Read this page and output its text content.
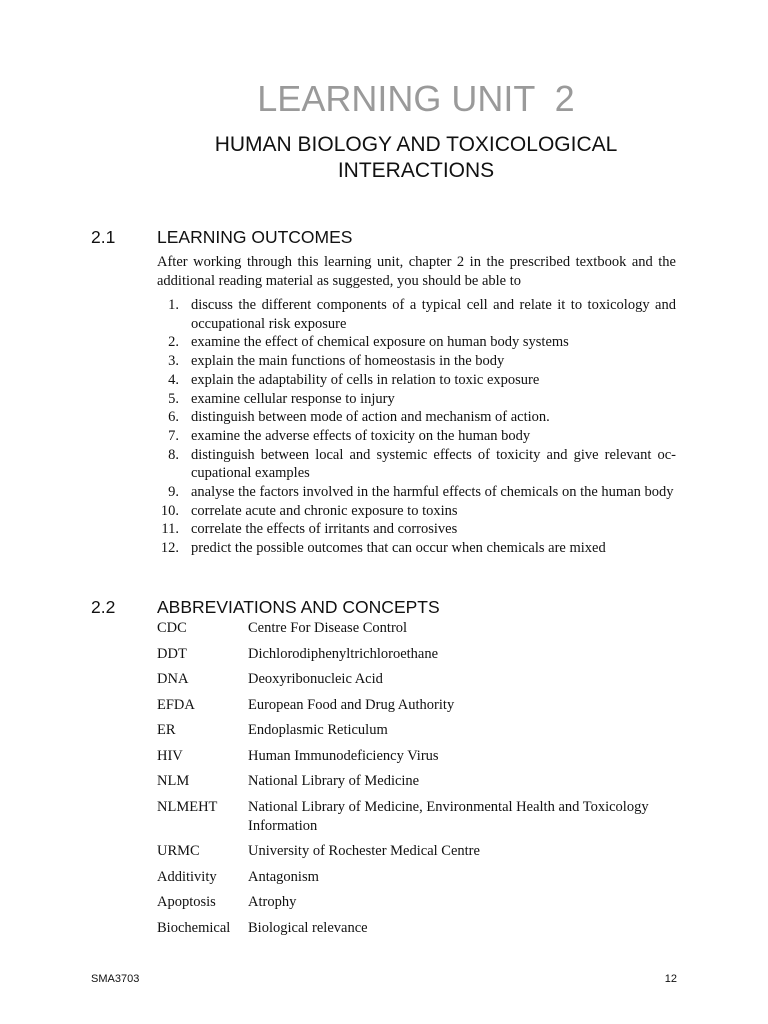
LEARNING UNIT  2
HUMAN BIOLOGY AND TOXICOLOGICAL INTERACTIONS
2.1 LEARNING OUTCOMES

After working through this learning unit, chapter 2 in the prescribed textbook and the additional reading material as suggested, you should be able to

1. discuss the different components of a typical cell and relate it to toxicology and occupational risk exposure
2. examine the effect of chemical exposure on human body systems
3. explain the main functions of homeostasis in the body
4. explain the adaptability of cells in relation to toxic exposure
5. examine cellular response to injury
6. distinguish between mode of action and mechanism of action.
7. examine the adverse effects of toxicity on the human body
8. distinguish between local and systemic effects of toxicity and give relevant oc-cupational examples
9. analyse the factors involved in the harmful effects of chemicals on the human body
10. correlate acute and chronic exposure to toxins
11. correlate the effects of irritants and corrosives
12. predict the possible outcomes that can occur when chemicals are mixed
2.2 ABBREVIATIONS AND CONCEPTS
CDC	Centre For Disease Control
DDT	Dichlorodiphenyltrichloroethane
DNA	Deoxyribonucleic Acid
EFDA	European Food and Drug Authority
ER	Endoplasmic Reticulum
HIV	Human Immunodeficiency Virus
NLM	National Library of Medicine
NLMEHT	National Library of Medicine, Environmental Health and Toxicology Information
URMC	University of Rochester Medical Centre
Additivity	Antagonism
Apoptosis	Atrophy
Biochemical	Biological relevance
SMA3703	12
